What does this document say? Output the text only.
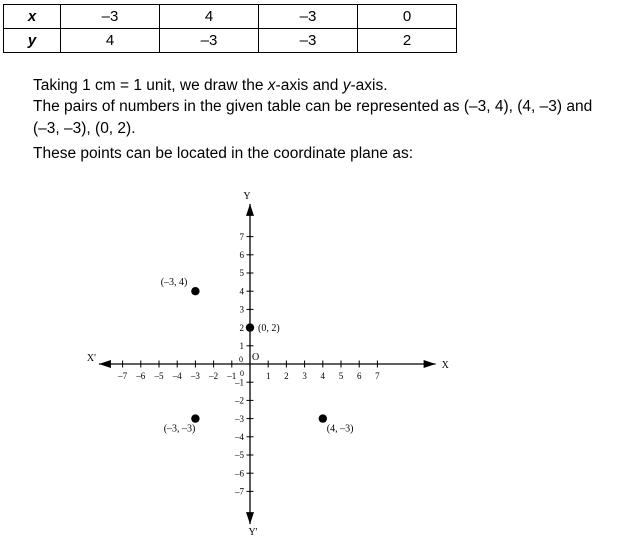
x	–3	4	–3	0
y	4	–3	–3	2
Taking 1 cm = 1 unit, we draw the x-axis and y-axis.
The pairs of numbers in the given table can be represented as (–3, 4), (4, –3) and
(–3, –3), (0, 2).
These points can be located in the coordinate plane as:
X'
X
Y
Y'
–7 –6 –5 –4 –3 –2 –1	1 2 3 4 5 6 7
7
6
5
4
3
2
1
–1
–2
–3
–4
–5
–6
–7
O
0
0
(–3, 4)
(0, 2)
(–3, –3)	(4, –3)
